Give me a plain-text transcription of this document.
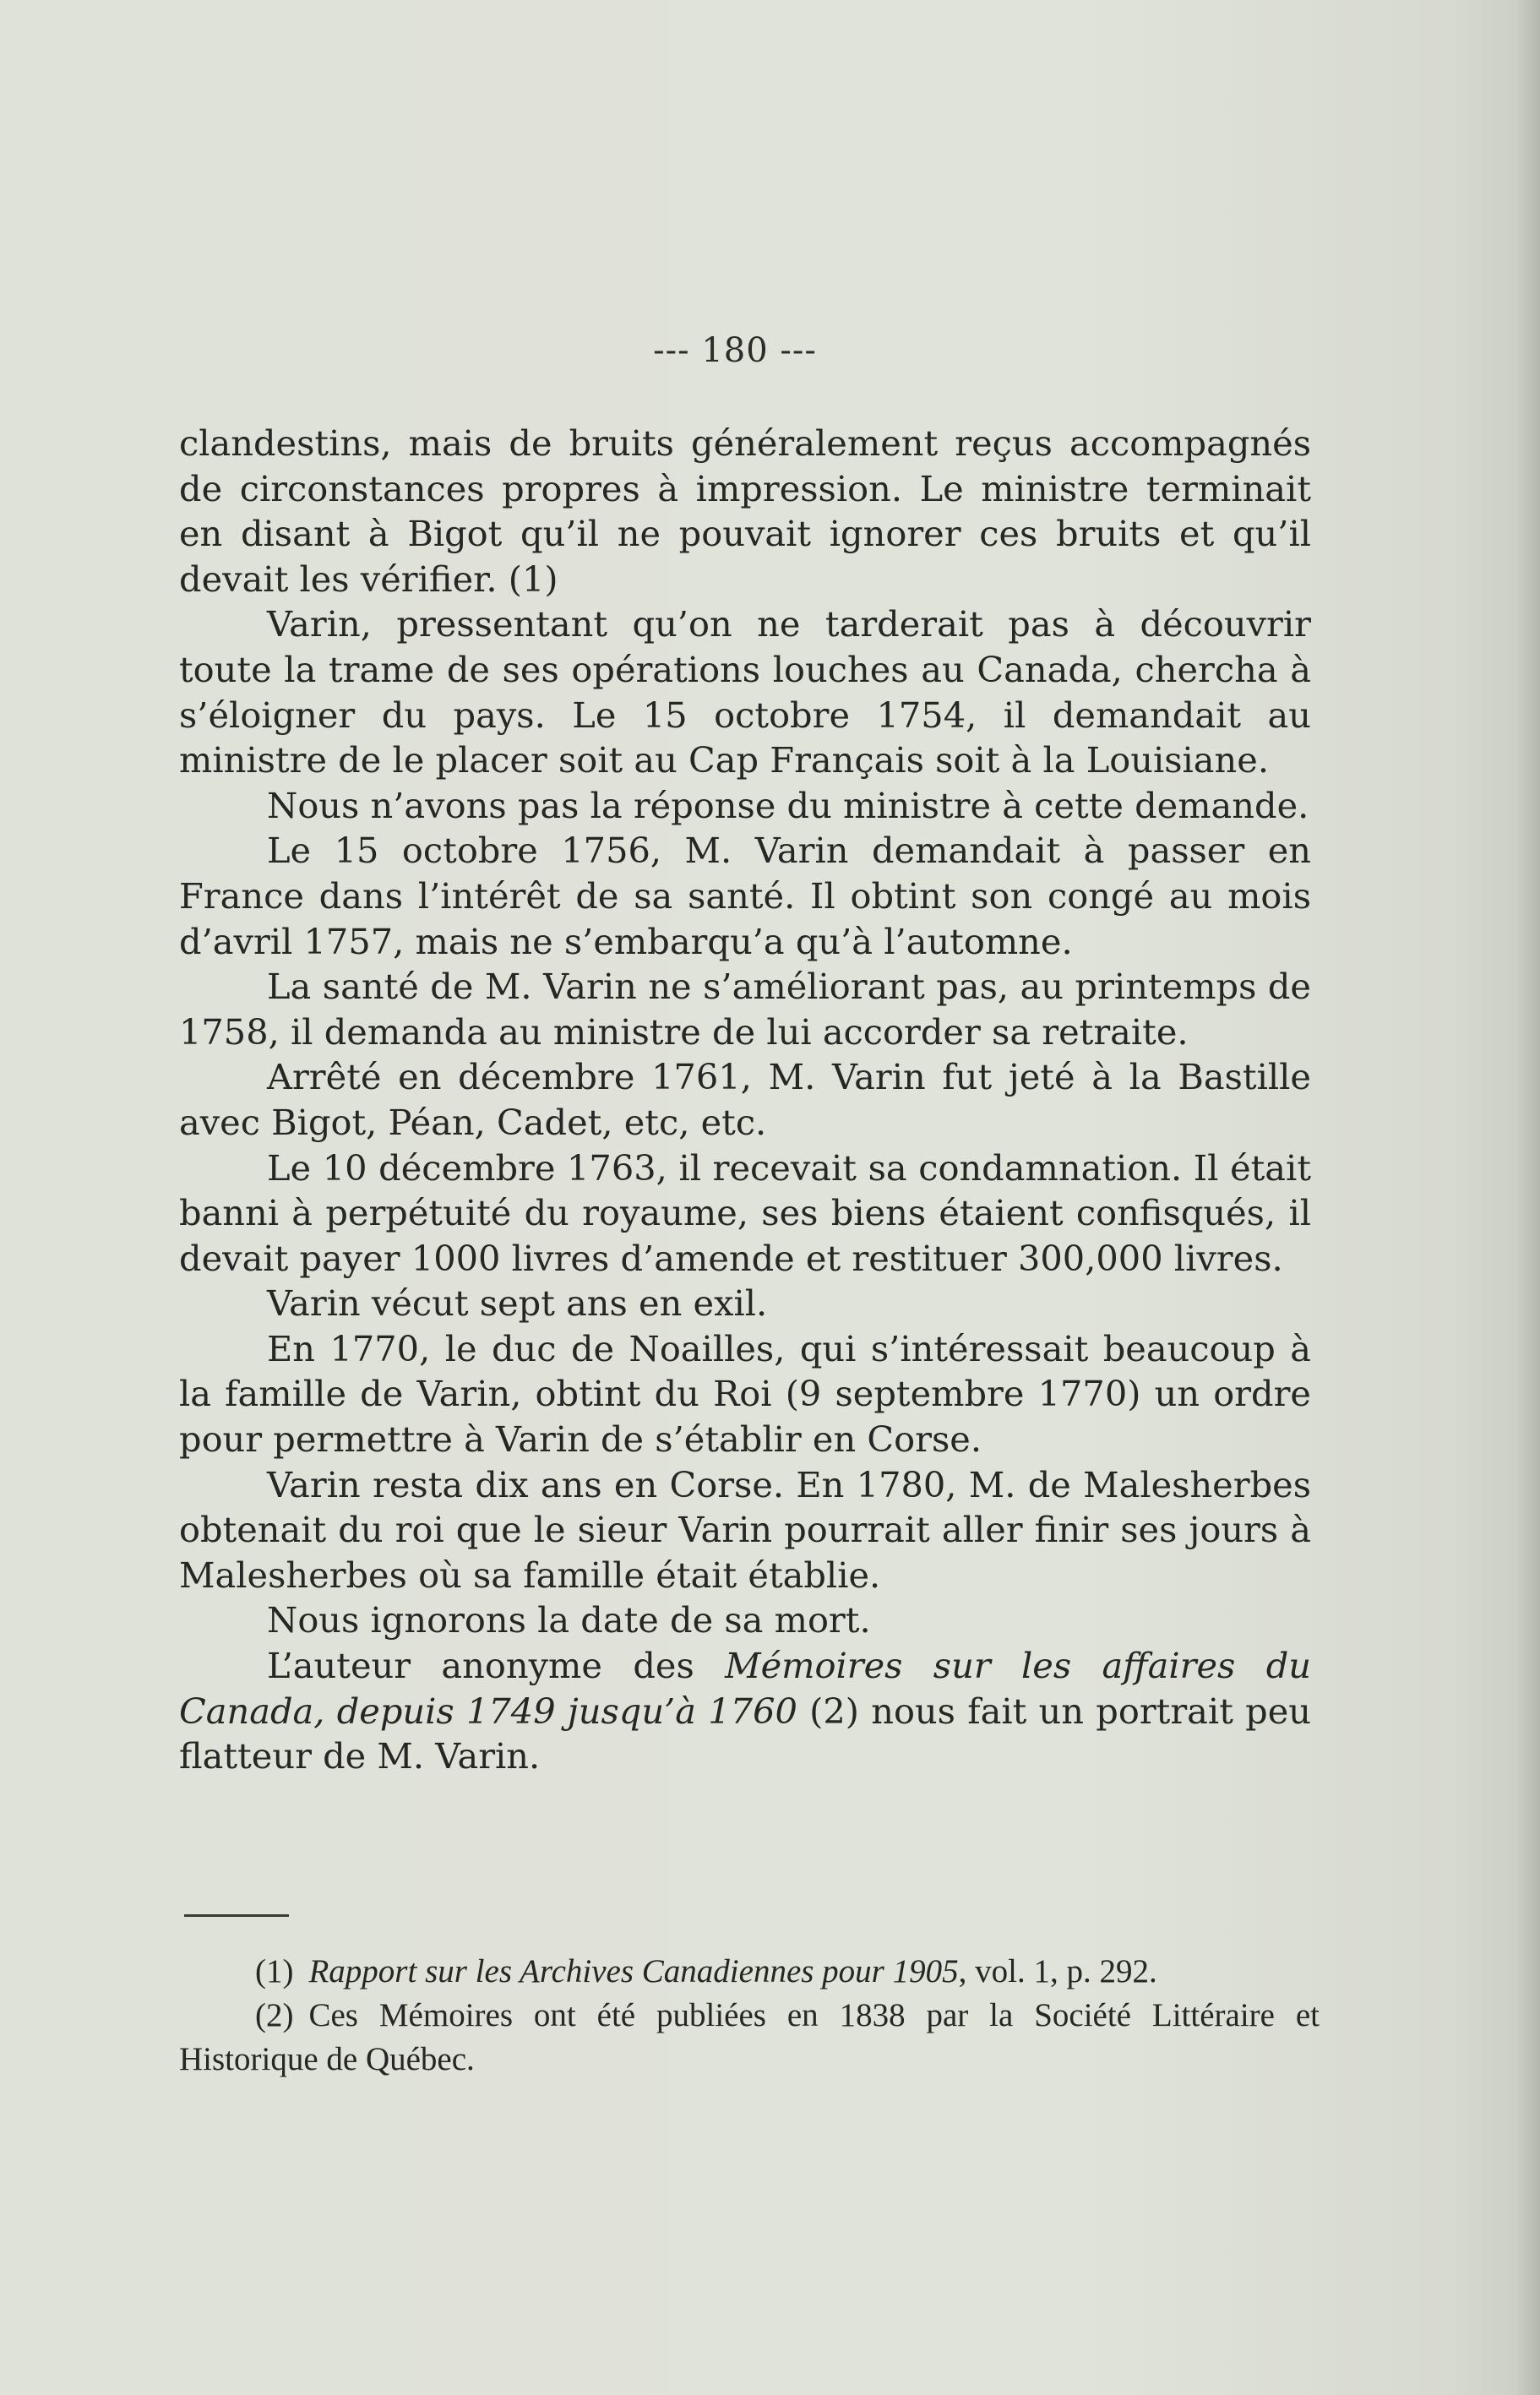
--- 180 ---

clandestins, mais de bruits généralement reçus accompagnés de circonstances propres à impression. Le ministre terminait en disant à Bigot qu’il ne pouvait ignorer ces bruits et qu’il devait les vérifier. (1)

Varin, pressentant qu’on ne tarderait pas à découvrir toute la trame de ses opérations louches au Canada, chercha à s’éloigner du pays. Le 15 octobre 1754, il demandait au ministre de le placer soit au Cap Français soit à la Louisiane.

Nous n’avons pas la réponse du ministre à cette demande.

Le 15 octobre 1756, M. Varin demandait à passer en France dans l’intérêt de sa santé. Il obtint son congé au mois d’avril 1757, mais ne s’embarqu’a qu’à l’automne.

La santé de M. Varin ne s’améliorant pas, au printemps de 1758, il demanda au ministre de lui accorder sa retraite.

Arrêté en décembre 1761, M. Varin fut jeté à la Bastille avec Bigot, Péan, Cadet, etc, etc.

Le 10 décembre 1763, il recevait sa condamnation. Il était banni à perpétuité du royaume, ses biens étaient confisqués, il devait payer 1000 livres d’amende et restituer 300,000 livres.

Varin vécut sept ans en exil.

En 1770, le duc de Noailles, qui s’intéressait beaucoup à la famille de Varin, obtint du Roi (9 septembre 1770) un ordre pour permettre à Varin de s’établir en Corse.

Varin resta dix ans en Corse. En 1780, M. de Malesherbes obtenait du roi que le sieur Varin pourrait aller finir ses jours à Malesherbes où sa famille était établie.

Nous ignorons la date de sa mort.

L’auteur anonyme des Mémoires sur les affaires du Canada, depuis 1749 jusqu’à 1760 (2) nous fait un portrait peu flatteur de M. Varin.

(1) Rapport sur les Archives Canadiennes pour 1905, vol. 1, p. 292.

(2) Ces Mémoires ont été publiées en 1838 par la Société Littéraire et Historique de Québec.
